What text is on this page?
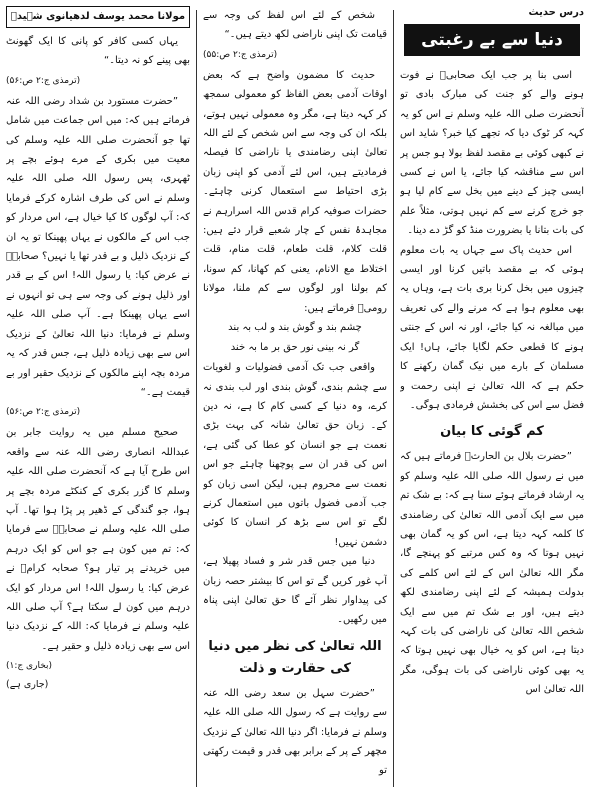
درس حدیث
دنیا سے بے رغبتی

اسی بنا پر جب ایک صحابیؓ نے فوت ہونے والے کو جنت کی مبارک بادی تو آنحضرت صلی اللہ علیہ وسلم نے اس کو یہ کہہ کر ٹوک دیا کہ تجھے کیا خبر؟ شاید اس نے کبھی کوئی بے مقصد لفظ بولا ہو جس پر اس سے مناقشہ کیا جائے، یا اس نے کسی ایسی چیز کے دینے میں بخل سے کام لیا ہو جو خرچ کرنے سے کم نہیں ہوتی، مثلاً علم کی بات بتانا یا بضرورت منڈ کو گڑ دے دینا۔

اس حدیث پاک سے جہاں یہ بات معلوم ہوئی کہ بے مقصد باتیں کرنا اور ایسی چیزوں میں بخل کرنا بری بات ہے، وہاں یہ بھی معلوم ہوا ہے کہ مرنے والے کی تعریف میں مبالغہ نہ کیا جائے، اور نہ اس کے جنتی ہونے کا قطعی حکم لگایا جائے، ہاں! ایک مسلمان کے بارے میں نیک گمان رکھنے کا حکم ہے کہ اللہ تعالیٰ نے اپنی رحمت و فضل سے اس کی بخشش فرمادی ہوگی۔

کم گوئی کا بیان

”حضرت بلال بن الحارثؓ فرماتے ہیں کہ میں نے رسول اللہ صلی اللہ علیہ وسلم کو یہ ارشاد فرماتے ہوئے سنا ہے کہ: بے شک تم میں سے ایک آدمی اللہ تعالیٰ کی رضامندی کا کلمہ کہہ دیتا ہے، اس کو یہ گمان بھی نہیں ہوتا کہ وہ کس مرتبے کو پہنچے گا، مگر اللہ تعالیٰ اس کے لئے اس کلمے کی بدولت ہمیشہ کے لئے اپنی رضامندی لکھ دیتے ہیں، اور بے شک تم میں سے ایک شخص اللہ تعالیٰ کی ناراضی کی بات کہہ دیتا ہے، اس کو یہ خیال بھی نہیں ہوتا کہ یہ بھی کوئی ناراضی کی بات ہوگی، مگر اللہ تعالیٰ اس

شخص کے لئے اس لفظ کی وجہ سے قیامت تک اپنی ناراضی لکھ دیتے ہیں۔“

(ترمذی ج:۲ ص:۵۵)

حدیث کا مضمون واضح ہے کہ بعض اوقات آدمی بعض الفاظ کو معمولی سمجھ کر کہہ دیتا ہے، مگر وہ معمولی نہیں ہوتے، بلکہ ان کی وجہ سے اس شخص کے لئے اللہ تعالیٰ اپنی رضامندی یا ناراضی کا فیصلہ فرمادیتے ہیں، اس لئے آدمی کو اپنی زبان بڑی احتیاط سے استعمال کرنی چاہئے۔ حضرات صوفیہ کرام قدس اللہ اسرارہم نے مجاہدۂ نفس کے چار شعبے قرار دئے ہیں: قلت کلام، قلت طعام، قلت منام، قلت اختلاط مع الانام، یعنی کم کھانا، کم سونا، کم بولنا اور لوگوں سے کم ملنا، مولانا رومیؒ فرماتے ہیں:

چشم بند و گوش بند و لب بہ بند
گر نہ بینی نور حق بر ما بہ خند

واقعی جب تک آدمی فضولیات و لغویات سے چشم بندی، گوش بندی اور لب بندی نہ کرے، وہ دنیا کے کسی کام کا ہے، نہ دین کے۔ زبان حق تعالیٰ شانہ کی بہت بڑی نعمت ہے جو انسان کو عطا کی گئی ہے، اس کی قدر ان سے پوچھنا چاہئے جو اس نعمت سے محروم ہیں، لیکن اسی زبان کو جب آدمی فضول باتوں میں استعمال کرنے لگے تو اس سے بڑھ کر انسان کا کوئی دشمن نہیں!

دنیا میں جس قدر شر و فساد پھیلا ہے، آپ غور کریں گے تو اس کا بیشتر حصہ زبان کی پیداوار نظر آئے گا حق تعالیٰ اپنی پناہ میں رکھیں۔

اللہ تعالیٰ کی نظر میں دنیا کی حقارت و ذلت

”حضرت سہل بن سعد رضی اللہ عنہ سے روایت ہے کہ رسول اللہ صلی اللہ علیہ وسلم نے فرمایا: اگر دنیا اللہ تعالیٰ کے نزدیک مچھر کے پر کے برابر بھی قدر و قیمت رکھتی تو

مولانا محمد یوسف لدھیانوی شہیدؒ

یہاں کسی کافر کو پانی کا ایک گھونٹ بھی پینے کو نہ دیتا۔“

(ترمذی ج:۲ ص:۵۶)

”حضرت مستورد بن شداد رضی اللہ عنہ فرماتے ہیں کہ: میں اس جماعت میں شامل تھا جو آنحضرت صلی اللہ علیہ وسلم کی معیت میں بکری کے مرے ہوئے بچے پر ٹھہری، پس رسول اللہ صلی اللہ علیہ وسلم نے اس کی طرف اشارہ کرکے فرمایا کہ: آپ لوگوں کا کیا خیال ہے، اس مردار کو جب اس کے مالکوں نے یہاں پھینکا تو یہ ان کے نزدیک ذلیل و بے قدر تھا یا نہیں؟ صحابہؓ نے عرض کیا: یا رسول اللہ! اس کے بے قدر اور ذلیل ہونے کی وجہ سے ہی تو انہوں نے اسے یہاں پھینکا ہے۔ آپ صلی اللہ علیہ وسلم نے فرمایا: دنیا اللہ تعالیٰ کے نزدیک اس سے بھی زیادہ ذلیل ہے، جس قدر کہ یہ مردہ بچہ اپنے مالکوں کے نزدیک حقیر اور بے قیمت ہے۔“

(ترمذی ج:۲ ص:۵۶)

صحیح مسلم میں یہ روایت جابر بن عبداللہ انصاری رضی اللہ عنہ سے واقعہ اس طرح آیا ہے کہ آنحضرت صلی اللہ علیہ وسلم کا گزر بکری کے کنکٹے مردہ بچے پر ہوا، جو گندگی کے ڈھیر پر پڑا ہوا تھا۔ آپ صلی اللہ علیہ وسلم نے صحابہؓ سے فرمایا کہ: تم میں کون ہے جو اس کو ایک درہم میں خریدنے پر تیار ہو؟ صحابہ کرامؓ نے عرض کیا: یا رسول اللہ! اس مردار کو ایک درہم میں کون لے سکتا ہے؟ آپ صلی اللہ علیہ وسلم نے فرمایا کہ: اللہ کے نزدیک دنیا اس سے بھی زیادہ ذلیل و حقیر ہے۔

(بخاری ج:۱)
(جاری ہے)
